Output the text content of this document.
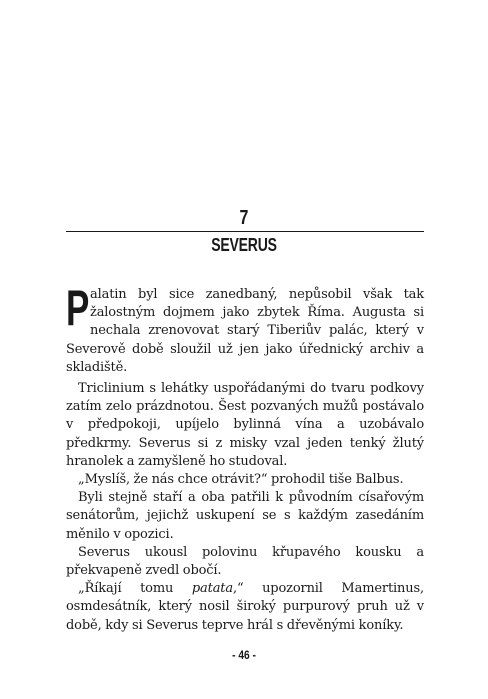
7
SEVERUS

Palatin byl sice zanedbaný, nepůsobil však tak žalostným dojmem jako zbytek Říma. Augusta si nechala zrenovovat starý Tiberiův palác, který v Severově době sloužil už jen jako úřednický archiv a skladiště.

Triclinium s lehátky uspořádanými do tvaru podkovy zatím zelo prázdnotou. Šest pozvaných mužů postávalo v předpokoji, upíjelo bylinná vína a uzobávalo předkrmy. Severus si z misky vzal jeden tenký žlutý hranolek a zamyšleně ho studoval.

„Myslíš, že nás chce otrávit?“ prohodil tiše Balbus.

Byli stejně staří a oba patřili k původním císařovým senátorům, jejichž uskupení se s každým zasedáním měnilo v opozici.

Severus ukousl polovinu křupavého kousku a překvapeně zvedl obočí.

„Říkají tomu patata,“ upozornil Mamertinus, osmdesátník, který nosil široký purpurový pruh už v době, kdy si Severus teprve hrál s dřevěnými koníky.

- 46 -
